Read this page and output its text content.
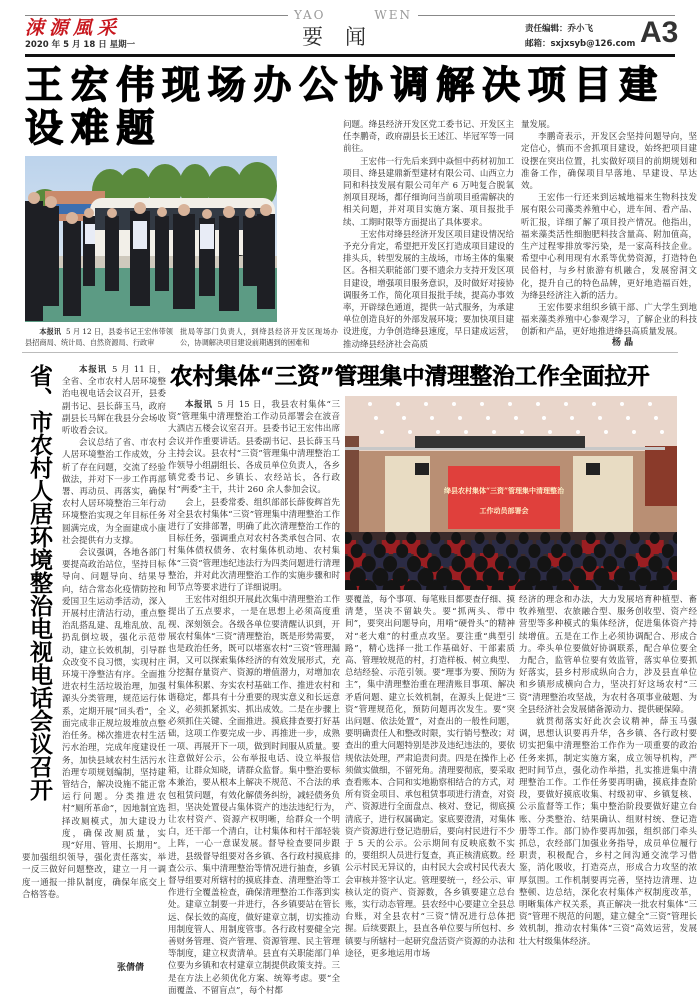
涑源風采
2020 年 5 月 18 日 星期一
YAO	WEN
要闻	责任编辑：乔小飞
邮箱：sxjxsyb@126.com A3
王宏伟现场办公协调解决项目建设难题

本报讯 5 月 12 日，县委书记王宏伟带领县招商局、统计局、自然资源局、行政审

批局等部门负责人，到绛县经济开发区现场办公，协调解决项目建设前期遇到的困难和

问题。绛县经济开发区党工委书记、开发区主任李鹏奇，政府副县长王述江、毕冠军等一同前往。

王宏伟一行先后来到中焱恒中药材初加工项目、绛县建鼎新型建材有限公司、山西立力同和科技发展有限公司年产 6 万吨复合脱氧剂项目现场，都仔细询问当前项目亟需解决的相关问题，并对项目实施方案、项目报批手续、工期时限等方面提出了具体要求。

王宏伟对绛县经济开发区项目建设情况给予充分肯定，希望把开发区打造成项目建设的排头兵，转型发展的主战场，市场主体的集聚区。各相关职能部门要不遗余力支持开发区项目建设，增强项目服务意识，及时做好对接协调服务工作，简化项目报批手续，提高办事效率，开辟绿色通道，提供一站式服务，为承建单位创造良好的外部发展环境；要加快项目建设进度，力争创造绛县速度，早日建成运营，推动绛县经济社会高质

量发展。

李鹏奇表示，开发区会坚持问题导向，坚定信心，慎而不舍抓项目建设，始终把项目建设摆在突出位置，扎实做好项目的前期规划和准备工作，确保项目早落地、早建设、早达效。

王宏伟一行还来到运城地福来生物科技发展有限公司藻类养殖中心，进车间、看产品、听汇报，详细了解了项目投产情况。他指出，福来藻类活性细胞肥料技含量高、附加值高，生产过程零排放零污染，是一家高科技企业。希望中心利用现有水系等优势资源，打造特色民俗村，与乡村旅游有机融合，发展窑洞文化，提升自己的特色品牌，更好地造福百姓，为绛县经济注入新的活力。

王宏伟要求组织乡镇干部、广大学生到地福来藻类养殖中心参观学习，了解企业的科技创新和产品，更好地推进绛县高质量发展。

杨 晶
省、市农村人居环境整治电视电话会议召开	本报讯 5 月 11 日，全省、全市农村人居环境整治电视电话会议召开，县委副书记、县长薛玉马，政府副县长马辉在我县分会场收听收看会议。

会议总结了省、市农村人居环境整治工作成效，分析了存在问题，交流了经验做法，并对下一步工作再部署、再动员、再落实，确保农村人居环境整治三年行动环境整治实现之年目标任务圆满完成，为全面建成小康社会提供有力支撑。

会议强调，各地各部门要提高政治站位，坚持目标导向、问题导向、结果导向，结合常态化疫情防控和爱国卫生运动季活动，深入开展村庄清洁行动，重点整治乱搭乱建、乱堆乱放、乱扔乱倒垃圾，强化示范带动，建立长效机制，引导群众改变不良习惯，实现村庄环境干净整洁有序。全面推进农村生活垃圾治理，加强源头分类管理，规范运行体系，定期开展“回头看”，全面完成非正规垃圾堆放点整治任务。梯次推进农村生活污水治理，完成年度建设任务，加快县域农村生活污水治理专项规划编制，坚持建管结合，解决设施不能正常运行问题。分类推进农村“厕所革命”，因地制宜选择改厕模式，加大建设力度，确保改厕质量，实现“好用、管用、长期用”。要加强组织领导，强化责任落实，举一反三做好问题整改，建立一月一调度一通报一排队制度，确保年底交上合格答卷。

张倩倩
农村集体“三资”管理集中清理整治工作全面拉开
绛县农村集体“三资”管理集中清理整治
工作动员部署会

本报讯 5 月 15 日，我县农村集体“三资”管理集中清理整治工作动员部署会在波音大酒店五楼会议室召开。县委书记王宏伟出席会议并作重要讲话。县委副书记、县长薛玉马主持会议。县农村“三资”管理集中清理整治工作领导小组副组长、各成员单位负责人，各乡镇党委书记、乡镇长、农经站长，各行政村“两委”主干，共计 260 余人参加会议。

会上，县委常委、组织部部长薛俊辉首先对全县农村集体“三资”管理集中清理整治工作进行了安排部署，明确了此次清理整治工作的目标任务，强调重点对农村各类承包合同、农村集体债权债务、农村集体机动地、农村集体“三资”管理违纪违法行为四类问题进行清理整治，并对此次清理整治工作的实施步骤和时间节点等要求进行了详细说明。

王宏伟对组织开展此次集中清理整治工作提出了五点要求，一是在思想上必须高度重视、深刻领会。各级各单位要清醒认识到，开展农村集体“三资”清理整治，既是形势需要，也是政治任务，既可以堵塞农村“三资”管理漏洞，又可以探索集体经济的有效发展形式，充分挖掘存量资产、资源的增值潜力，对增加农村集体积累、夯实农村基础工作、推进农村和谐稳定，都具有十分重要的现实意义和长远意义，必须抓紧抓实、抓出成效。二是在步骤上必须抓住关键、全面推进。摸底排查要打好基础，这项工作要完成一步、再推进一步，成熟一项、再展开下一项，做到时间服从质量。要注意做好公示，公布举报电话、设立举报信箱，让群众知晓，请群众监督。集中整治要标本兼治，要从根本上解决不规范、不合法的承包租赁问题，有效化解债务纠纷，减轻债务负担，坚决处置侵占集体资产的违法违纪行为，让农村资产、资源产权明晰，给群众一个明白，还干部一个清白，让村集体和村干部轻装上阵，一心一意谋发展。督导检查要同步跟进，县级督导组要对各乡镇、各行政村摸底排查公示、集中清理整治等情况进行抽查，乡镇督导组要对所辖村的摸底排查、清理整治等工作进行全覆盖检查，确保清理整治工作落到实处。建章立制要一并进行，各乡镇要站在管长远、保长效的高度，做好建章立制，切实推动用制度管人、用制度管事。各行政村要健全完善财务管理、资产管理、资源管理、民主管理等制度，建立权责清单。县直有关职能部门单位要为乡镇和农村建章立制提供政策支持。三是在方法上必须优化方案、统筹考虑。要“全面覆盖、不留盲点”，每个村都

要覆盖，每个事项、每笔账目都要查仔细、摸清楚，坚决不留缺失。要“抓两头、带中间”，要突出问题导向，用啃“硬骨头”的精神对“老大难”的村重点攻坚。要注重“典型引路”，精心选择一批工作基础好、干部素质高、管理较规范的村，打造样板、树立典型、总结经验、示范引领。要“理事为要、预防为主”，集中清理整治重在理清账目事项、解决矛盾问题、建立长效机制，在源头上促进“三资”管理规范化，预防问题再次发生。要“突出问题、依法处置”，对查出的一般性问题，要明确责任人和整改时限，实行销号整改；对查出的重大问题特别是涉及违纪违法的，要依规依法处理，严肃追责问责。四是在操作上必须做实做细，不留死角。清理要彻底，要采取查看账本、合同和实地勘察相结合的方式，对所有资金项目、承包租赁事项进行清查，对资产、资源进行全面盘点、核对、登记，彻底摸清底子，进行权属确定。家底要澄清，对集体资产资源进行登记造册后，要向村民进行不少于 5 天的公示。公示期间有反映底数不实的，要组织人员进行复查，真正核清底数。经公示村民无异议的，由村民大会或村民代表大会审核并签字认定。管理要统一，经公示、审核认定的资产、资源数，各乡镇要建立总台账，实行动态管理。县农经中心要建立全县总台账，对全县农村“三资”情况进行总体把握。后续要跟上，县直各单位要与所包村、乡镇要与所辖村一起研究盘活资产资源的办法和途径，更多地运用市场

经济的理念和办法，大力发展培育种植型、畜牧养殖型、农旅融合型、服务创收型、资产经营型等多种模式的集体经济，促进集体资产持续增值。五是在工作上必须协调配合、形成合力。牵头单位要做好协调联系，配合单位要全力配合，监管单位要有效监管，落实单位要抓好落实，县乡村形成纵向合力，涉及县直单位和乡镇形成横向合力，坚决打好这场农村“三资”清理整治攻坚战，为农村各项事业破题、为全县经济社会发展储备源动力、提供硬保障。

就贯彻落实好此次会议精神，薛玉马强调，思想认识要再升华，各乡镇、各行政村要切实把集中清理整治工作作为一项重要的政治任务来抓，制定实施方案，成立领导机构，严把时间节点，强化动作举措，扎实推进集中清理整治工作。工作任务要再明确，摸底排查阶段，要做好摸底收集、村级初审、乡镇复核、公示监督等工作；集中整治阶段要做好建立台账、分类整治、结果确认、组财村统、登记造册等工作。部门协作要再加强，组织部门牵头抓总，农经部门加强业务指导，成员单位履行职责，积极配合，乡村之间沟通交流学习借鉴，消化吸收，打造亮点，形成合力攻坚的浓厚氛围。工作机制要再完善，坚持边清理、边整顿、边总结，深化农村集体产权制度改革，明晰集体产权关系，真正解决一批农村集体“三资”管理不规范的问题，建立健全“三资”管理长效机制，推动农村集体“三资”高效运营，发展壮大村级集体经济。
